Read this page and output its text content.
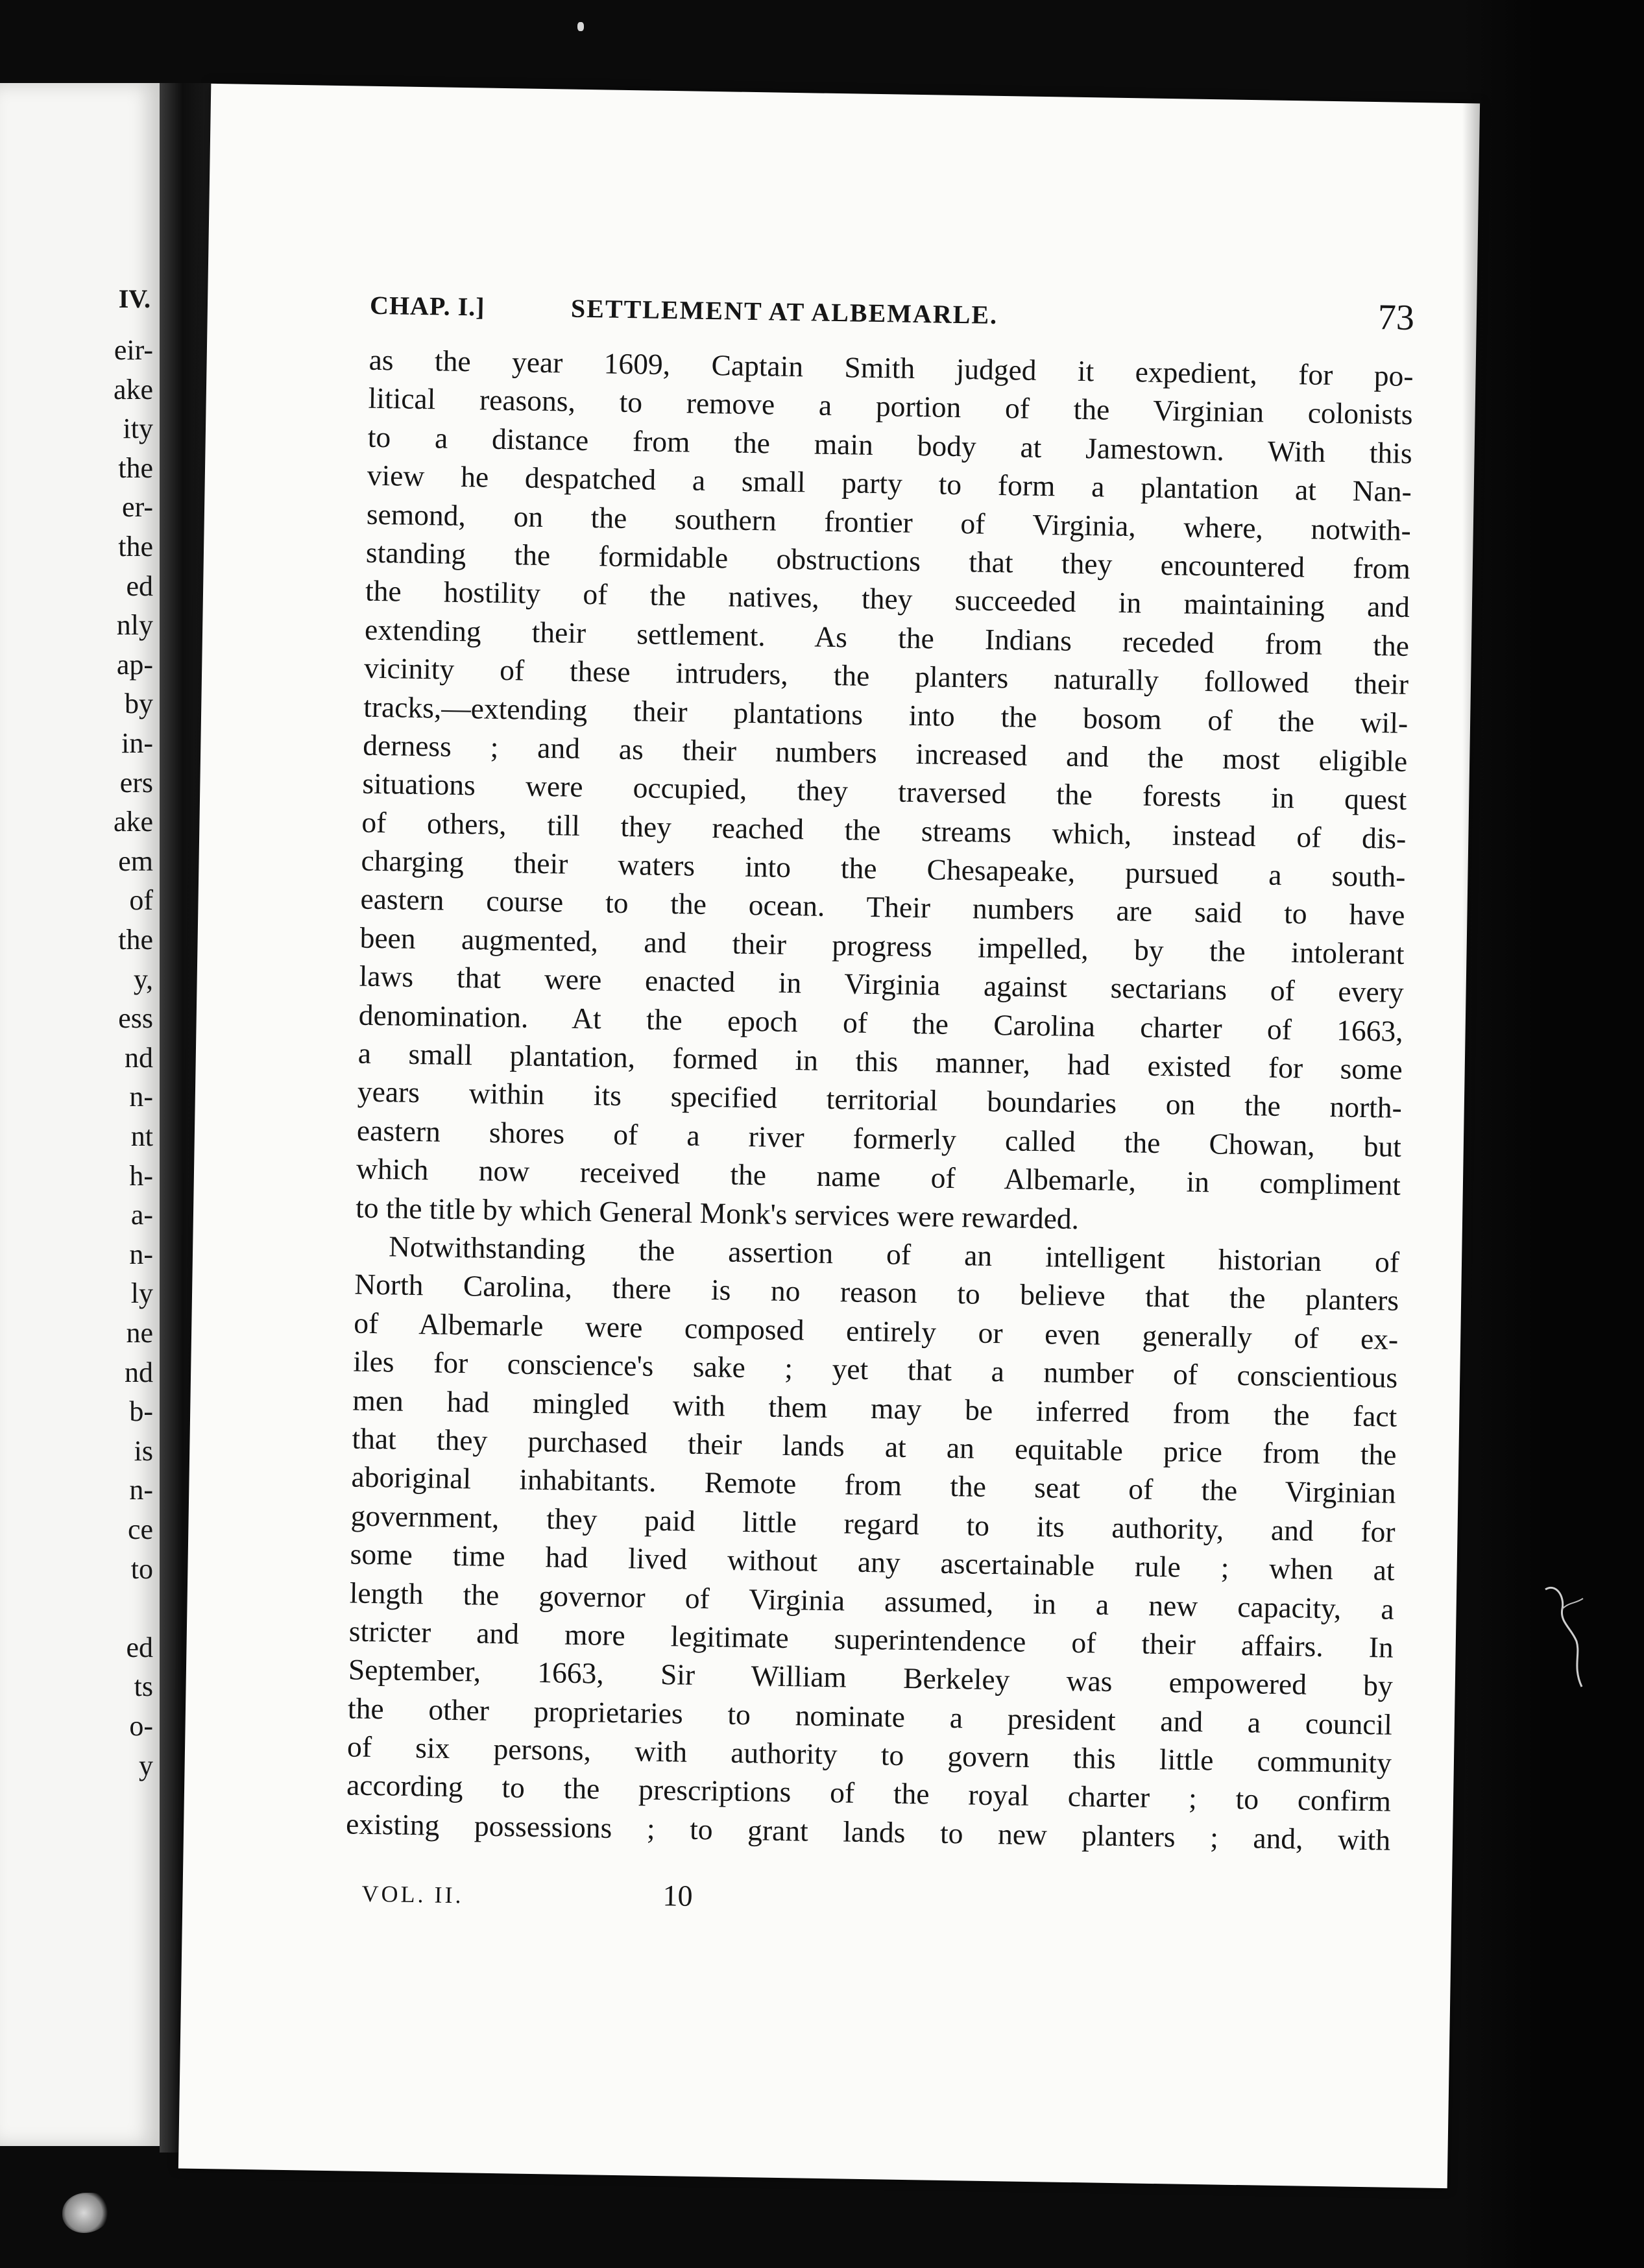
IV.
eir-
ake
ity
the
er-
the
ed
nly
ap-
by
in-
ers
ake
em
of
the
y,
ess
nd
n-
nt
h-
a-
n-
ly
ne
nd
b-
is
n-
ce
to
ed
ts
o-
y
CHAP. I.]	SETTLEMENT AT ALBEMARLE.	73
as the year 1609, Captain Smith judged it expedient, for po-
litical reasons, to remove a portion of the Virginian colonists
to a distance from the main body at Jamestown. With this
view he despatched a small party to form a plantation at Nan-
semond, on the southern frontier of Virginia, where, notwith-
standing the formidable obstructions that they encountered from
the hostility of the natives, they succeeded in maintaining and
extending their settlement. As the Indians receded from the
vicinity of these intruders, the planters naturally followed their
tracks,—extending their plantations into the bosom of the wil-
derness ; and as their numbers increased and the most eligible
situations were occupied, they traversed the forests in quest
of others, till they reached the streams which, instead of dis-
charging their waters into the Chesapeake, pursued a south-
eastern course to the ocean. Their numbers are said to have
been augmented, and their progress impelled, by the intolerant
laws that were enacted in Virginia against sectarians of every
denomination. At the epoch of the Carolina charter of 1663,
a small plantation, formed in this manner, had existed for some
years within its specified territorial boundaries on the north-
eastern shores of a river formerly called the Chowan, but
which now received the name of Albemarle, in compliment
to the title by which General Monk's services were rewarded.
Notwithstanding the assertion of an intelligent historian of
North Carolina, there is no reason to believe that the planters
of Albemarle were composed entirely or even generally of ex-
iles for conscience's sake ; yet that a number of conscientious
men had mingled with them may be inferred from the fact
that they purchased their lands at an equitable price from the
aboriginal inhabitants. Remote from the seat of the Virginian
government, they paid little regard to its authority, and for
some time had lived without any ascertainable rule ; when at
length the governor of Virginia assumed, in a new capacity, a
stricter and more legitimate superintendence of their affairs. In
September, 1663, Sir William Berkeley was empowered by
the other proprietaries to nominate a president and a council
of six persons, with authority to govern this little community
according to the prescriptions of the royal charter ; to confirm
existing possessions ; to grant lands to new planters ; and, with
VOL. II.	10
